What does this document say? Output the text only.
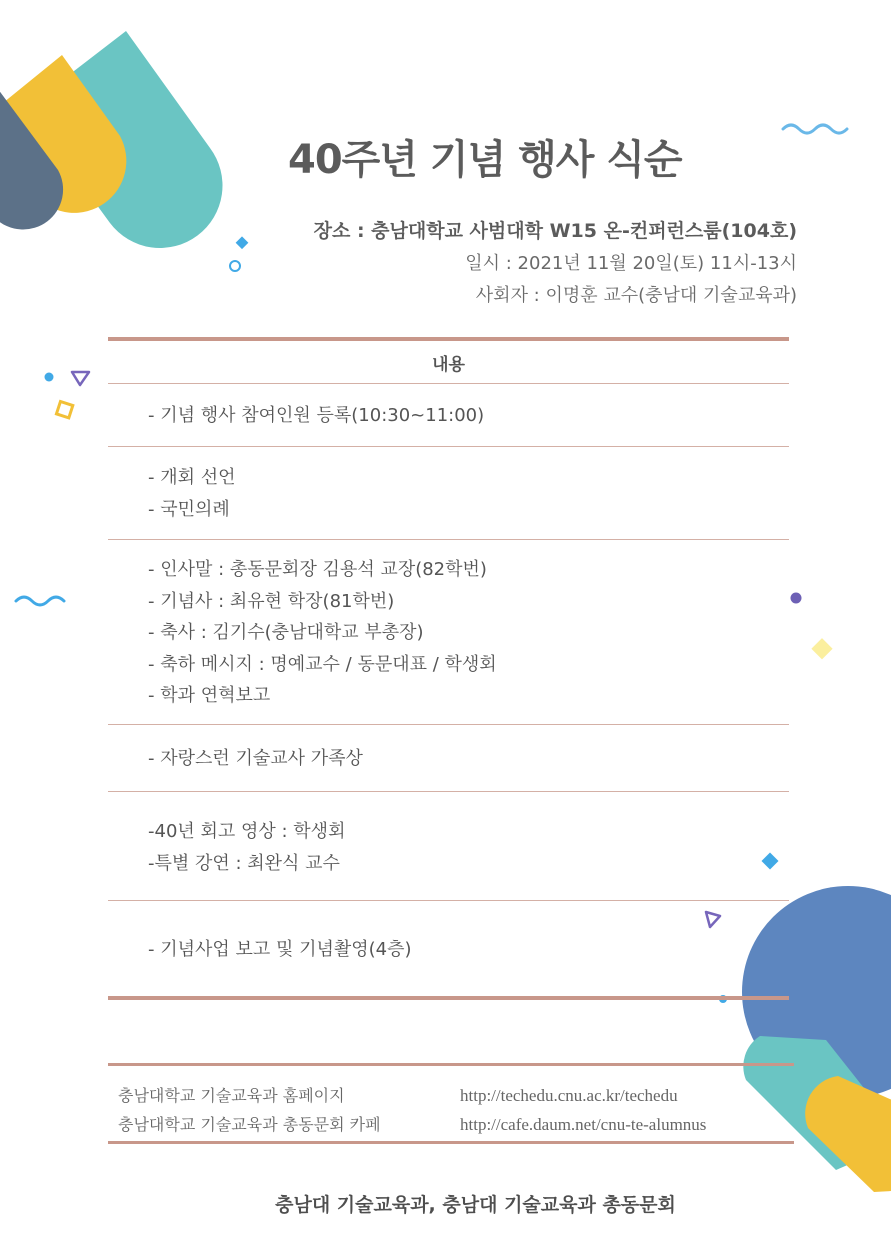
40주년 기념 행사 식순
장소 : 충남대학교 사범대학 W15 온-컨퍼런스룸(104호)
일시 : 2021년 11월 20일(토) 11시-13시
사회자 : 이명훈 교수(충남대 기술교육과)
내용
- 기념 행사 참여인원 등록(10:30~11:00)
- 개회 선언
- 국민의례
- 인사말 : 총동문회장 김용석 교장(82학번)
- 기념사 : 최유현 학장(81학번)
- 축사 : 김기수(충남대학교 부총장)
- 축하 메시지 : 명예교수 / 동문대표 / 학생회
- 학과 연혁보고
- 자랑스런 기술교사 가족상
-40년 회고 영상 : 학생회
-특별 강연 : 최완식 교수
- 기념사업 보고 및 기념촬영(4층)
충남대학교 기술교육과 홈페이지	http://techedu.cnu.ac.kr/techedu
충남대학교 기술교육과 총동문회 카페	http://cafe.daum.net/cnu-te-alumnus
충남대 기술교육과, 충남대 기술교육과 총동문회
